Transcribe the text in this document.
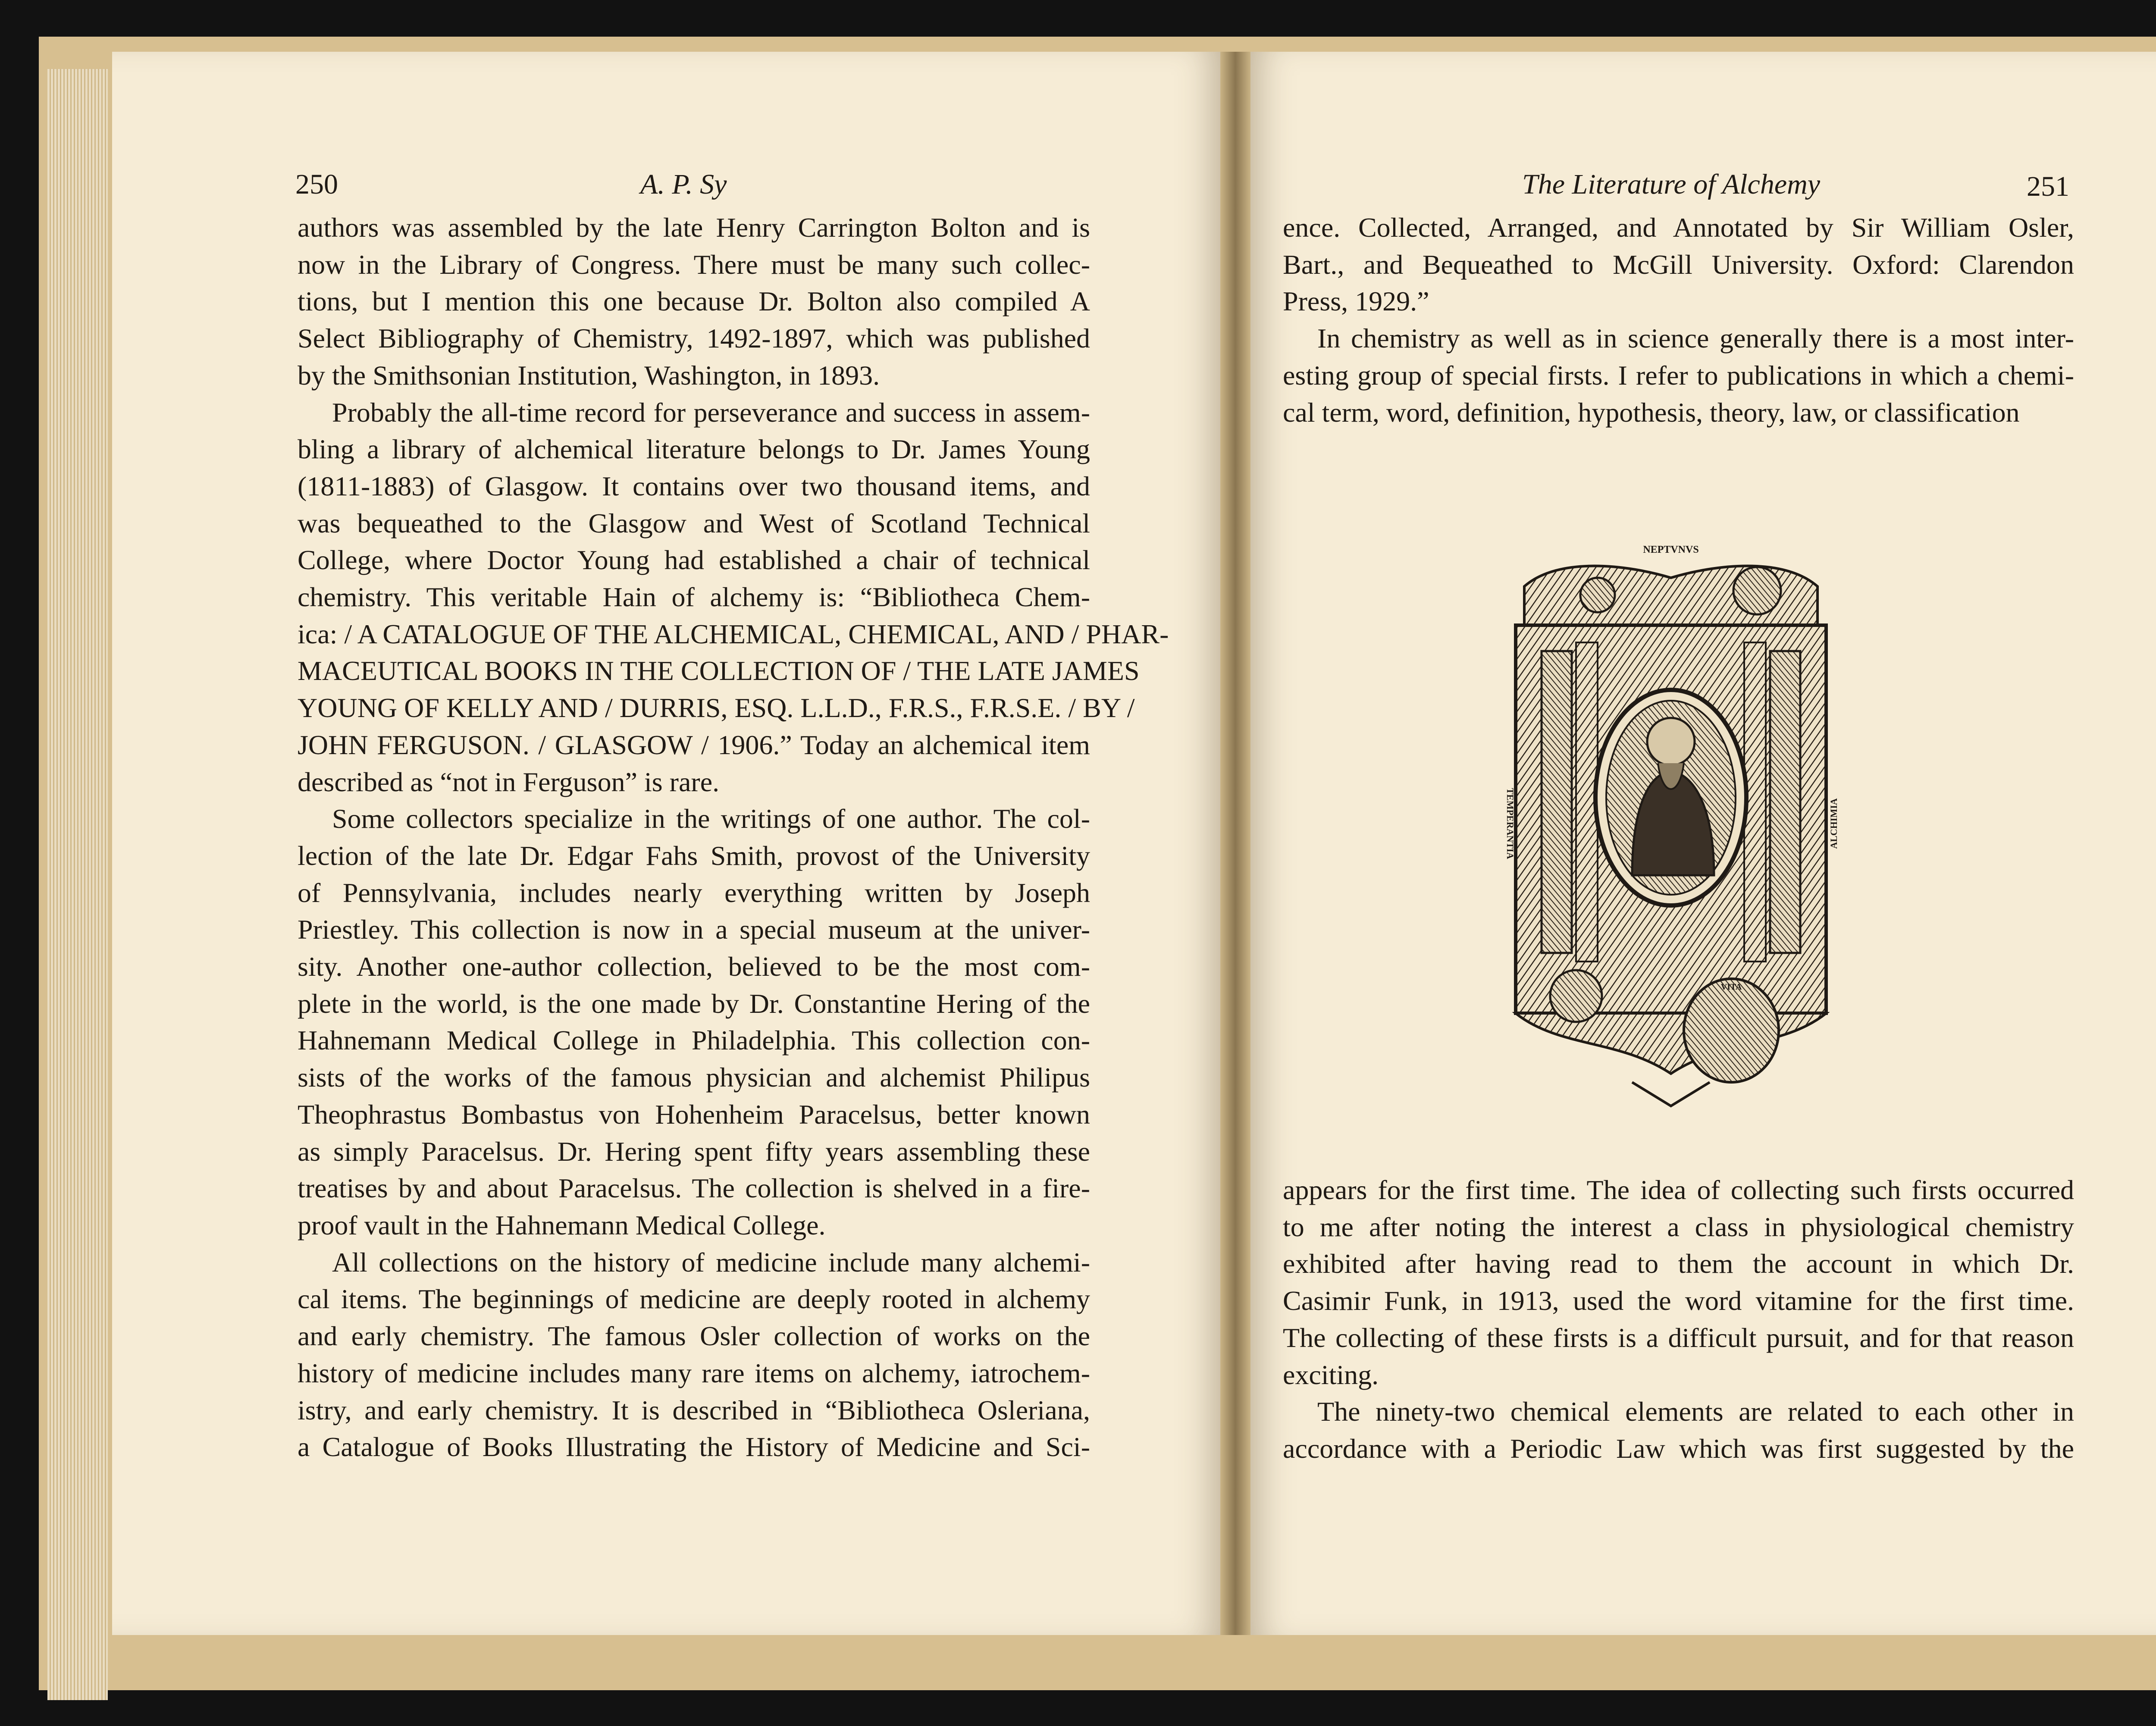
250	A. P. Sy
authors was assembled by the late Henry Carrington Bolton and is
now in the Library of Congress. There must be many such collec-
tions, but I mention this one because Dr. Bolton also compiled A
Select Bibliography of Chemistry, 1492-1897, which was published
by the Smithsonian Institution, Washington, in 1893.
Probably the all-time record for perseverance and success in assem-
bling a library of alchemical literature belongs to Dr. James Young
(1811-1883) of Glasgow. It contains over two thousand items, and
was bequeathed to the Glasgow and West of Scotland Technical
College, where Doctor Young had established a chair of technical
chemistry. This veritable Hain of alchemy is: “Bibliotheca Chem-
ica: / A CATALOGUE OF THE ALCHEMICAL, CHEMICAL, AND / PHAR-
MACEUTICAL BOOKS IN THE COLLECTION OF / THE LATE JAMES
YOUNG OF KELLY AND / DURRIS, ESQ. L.L.D., F.R.S., F.R.S.E. / BY /
JOHN FERGUSON. / GLASGOW / 1906.” Today an alchemical item
described as “not in Ferguson” is rare.
Some collectors specialize in the writings of one author. The col-
lection of the late Dr. Edgar Fahs Smith, provost of the University
of Pennsylvania, includes nearly everything written by Joseph
Priestley. This collection is now in a special museum at the univer-
sity. Another one-author collection, believed to be the most com-
plete in the world, is the one made by Dr. Constantine Hering of the
Hahnemann Medical College in Philadelphia. This collection con-
sists of the works of the famous physician and alchemist Philipus
Theophrastus Bombastus von Hohenheim Paracelsus, better known
as simply Paracelsus. Dr. Hering spent fifty years assembling these
treatises by and about Paracelsus. The collection is shelved in a fire-
proof vault in the Hahnemann Medical College.
All collections on the history of medicine include many alchemi-
cal items. The beginnings of medicine are deeply rooted in alchemy
and early chemistry. The famous Osler collection of works on the
history of medicine includes many rare items on alchemy, iatrochem-
istry, and early chemistry. It is described in “Bibliotheca Osleriana,
a Catalogue of Books Illustrating the History of Medicine and Sci-
The Literature of Alchemy	251
ence. Collected, Arranged, and Annotated by Sir William Osler,
Bart., and Bequeathed to McGill University. Oxford: Clarendon
Press, 1929.”
In chemistry as well as in science generally there is a most inter-
esting group of special firsts. I refer to publications in which a chemi-
cal term, word, definition, hypothesis, theory, law, or classification
NEPTVNVS
TEMPERANTIA	ALCHIMIA
VITA
appears for the first time. The idea of collecting such firsts occurred
to me after noting the interest a class in physiological chemistry
exhibited after having read to them the account in which Dr.
Casimir Funk, in 1913, used the word vitamine for the first time.
The collecting of these firsts is a difficult pursuit, and for that reason
exciting.
The ninety-two chemical elements are related to each other in
accordance with a Periodic Law which was first suggested by the
